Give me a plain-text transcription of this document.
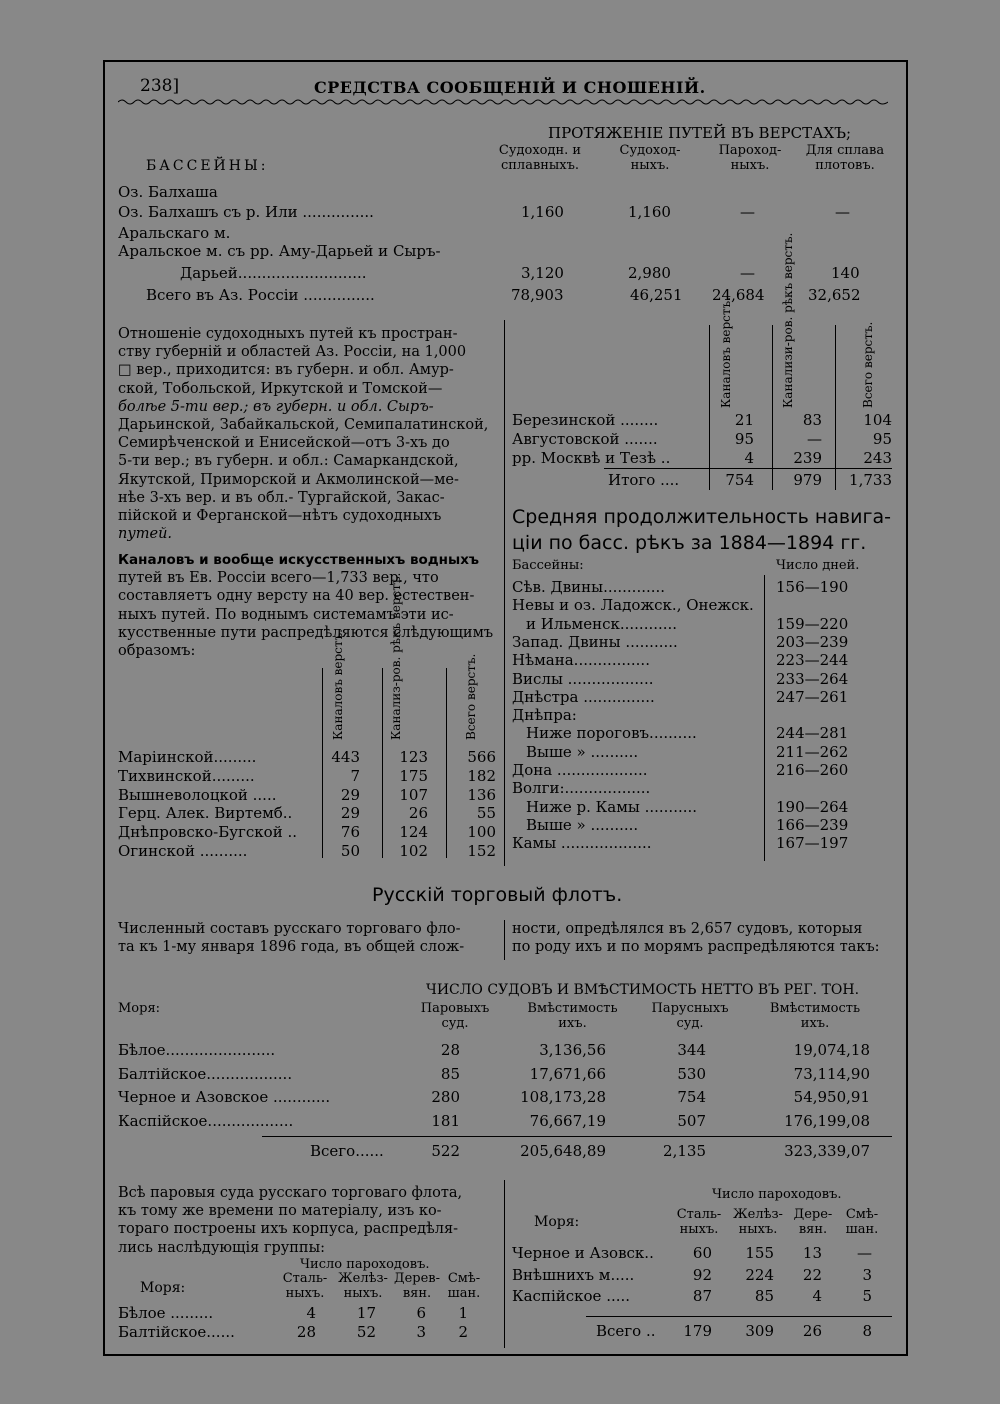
238]	СРЕДСТВА СООБЩЕНІЙ И СНОШЕНІЙ.
ПРОТЯЖЕНІЕ ПУТЕЙ ВЪ ВЕРСТАХЪ;
БАССЕЙНЫ:
Судоходн. и
сплавныхъ.
Судоход-
ныхъ.
Пароход-
ныхъ.
Для сплава
плотовъ.
Оз. Балхаша
Оз. Балхашъ съ р. Или ...............	1,160	1,160	—	—
Аральскаго м.
Аральское м. съ рр. Аму-Дарьей и Сыръ-
Дарьей...........................	3,120	2,980	—	140
Всего въ Аз. Россіи ...............	78,903	46,251 24,684	32,652
Отношеніе судоходныхъ путей къ простран-
ству губерній и областей Аз. Россіи, на 1,000
□ вер., приходится: въ губерн. и обл. Амур-
ской, Тобольской, Иркутской и Томской—
болѣе 5-ти вер.; въ губерн. и обл. Сыръ-
Дарьинской, Забайкальской, Семипалатинской,
Семирѣченской и Енисейской—отъ 3-хъ до
5-ти вер.; въ губерн. и обл.: Самаркандской,
Якутской, Приморской и Акмолинской—ме-
нѣе 3-хъ вер. и въ обл.- Тургайской, Закас-
пійской и Ферганской—нѣтъ судоходныхъ
путей.
Каналовъ и вообще искусственныхъ водныхъ
путей въ Ев. Россіи всего—1,733 вер., что
составляетъ одну версту на 40 вер. естествен-
ныхъ путей. По воднымъ системамъ эти ис-
кусственные пути распредѣляются слѣдующимъ
образомъ:	Каналовъ верстъ.	Канализ-ров. рѣкъ верстъ.	Всего верстъ.
Маріинской.........	443	123	566
Тихвинской.........	7	175	182
Вышневолоцкой .....	29	107	136
Герц. Алек. Виртемб..	29	26	55
Днѣпровско-Бугской ..	76	124	100
Огинской ..........	50	102	152
Каналовъ верстъ.	Канализи-ров. рѣкъ верстъ.	Всего верстъ.
Итого ....	754	979	1,733
Березинской ........	21	83	104
Августовской .......	95	—	95
рр. Москвѣ и Тезѣ ..	4	239	243
Средняя продолжительность навига-
ціи по басс. рѣкъ за 1884—1894 гг.
Бассейны:	Число дней.
Сѣв. Двины.............	156—190
Невы и оз. Ладожск., Онежск.
и Ильменск............	159—220
Запад. Двины ...........	203—239
Нѣмана................	223—244
Вислы ..................	233—264
Днѣстра ...............	247—261
Днѣпра:
Ниже пороговъ..........	244—281
Выше » ..........	211—262
Дона ...................	216—260
Волги:..................
Ниже р. Камы ...........	190—264
Выше » ..........	166—239
Камы ...................	167—197
Русскій торговый флотъ.
Численный составъ русскаго торговаго фло-
та къ 1-му января 1896 года, въ общей слож-
ности, опредѣлялся въ 2,657 судовъ, которыя
по роду ихъ и по морямъ распредѣляются такъ:
ЧИСЛО СУДОВЪ И ВМѢСТИМОСТЬ НЕТТО ВЪ РЕГ. ТОН.
Моря:	Паровыхъ
суд.
Вмѣстимость
ихъ.
Парусныхъ
суд.
Вмѣстимость
ихъ.
Бѣлое.......................	28	3,136,56	344	19,074,18
Балтійское..................	85	17,671,66	530	73,114,90
Черное и Азовское ............	280	108,173,28	754	54,950,91
Каспійское..................	181	76,667,19	507	176,199,08
Всего......	522	205,648,89	2,135	323,339,07
Всѣ паровыя суда русскаго торговаго флота,
къ тому же времени по матеріалу, изъ ко-
тораго построены ихъ корпуса, распредѣля-
лись наслѣдующія группы:
Число пароходовъ.
Моря:
Сталь-
ныхъ.
Желѣз-
ныхъ.
Дерев-
вян.
Смѣ-
шан.
Бѣлое .........	4	17	6	1
Балтійское......	28	52	3	2
Число пароходовъ.
Моря:	Сталь-
ныхъ.
Желѣз-
ныхъ.
Дере-
вян.
Смѣ-
шан.
Всего ..	179	309	26	8
Черное и Азовск..	60	155	13	—
Внѣшнихъ м.....	92	224	22	3
Каспійское .....	87	85	4	5
